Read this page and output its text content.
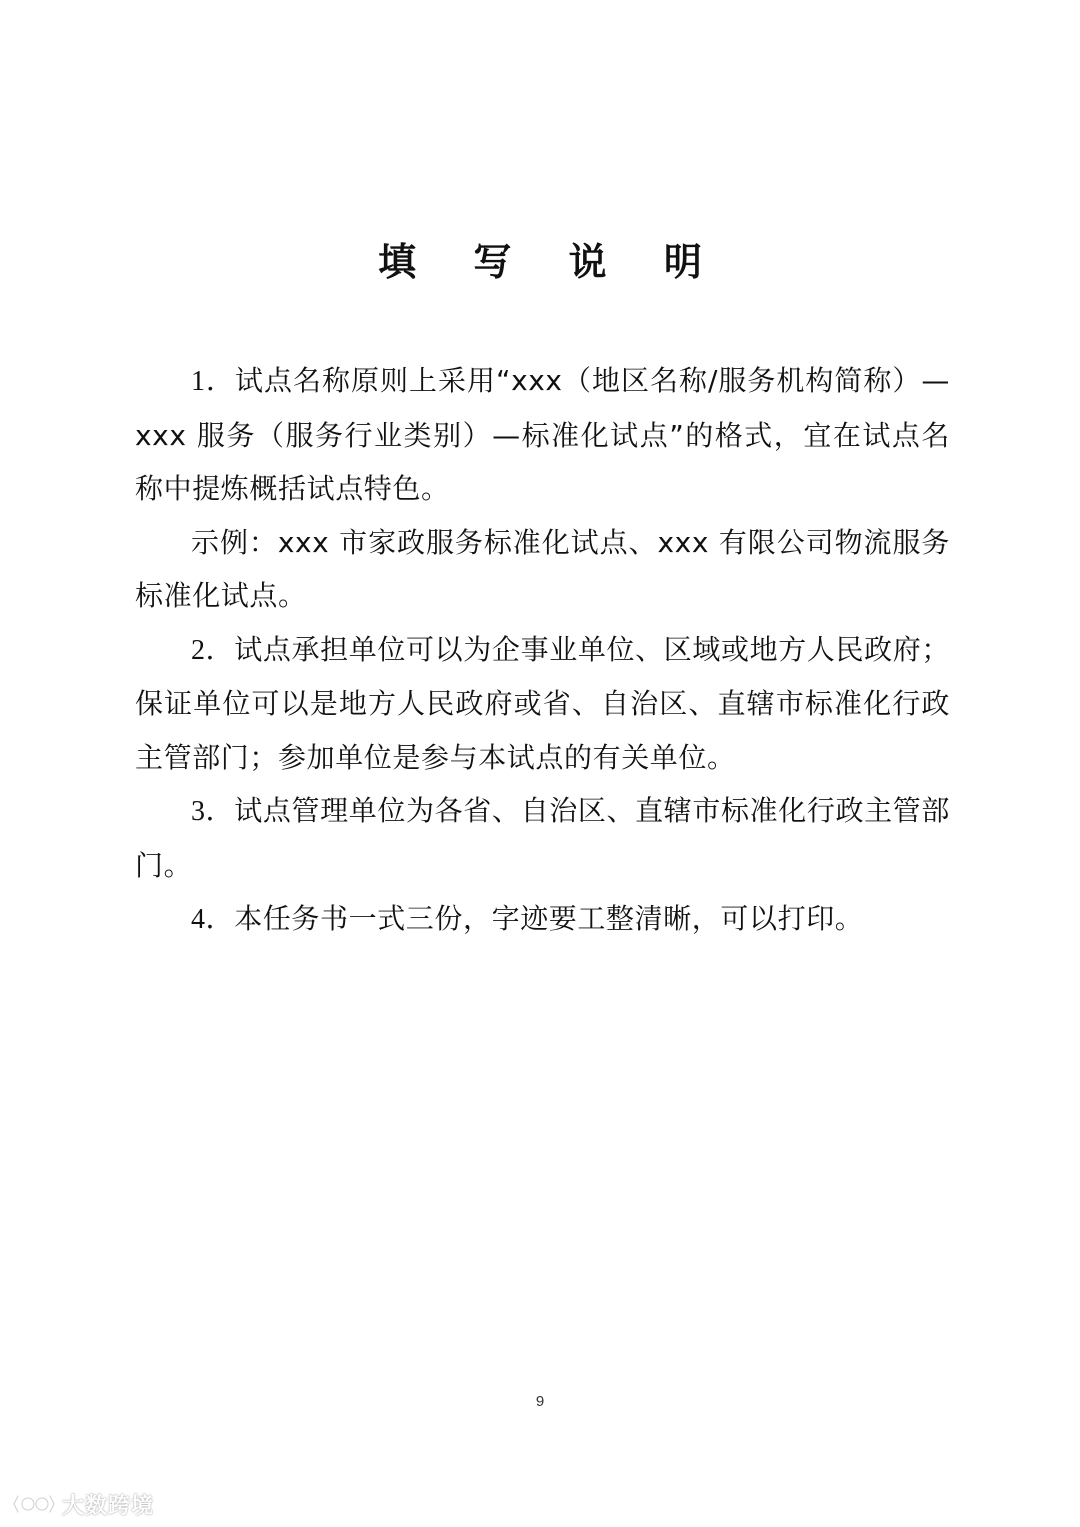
填 写 说 明

1．试点名称原则上采用“xxx（地区名称/服务机构简称）—xxx 服务（服务行业类别）—标准化试点”的格式，宜在试点名称中提炼概括试点特色。

示例：xxx 市家政服务标准化试点、xxx 有限公司物流服务标准化试点。

2．试点承担单位可以为企事业单位、区域或地方人民政府；保证单位可以是地方人民政府或省、自治区、直辖市标准化行政主管部门；参加单位是参与本试点的有关单位。

3．试点管理单位为各省、自治区、直辖市标准化行政主管部门。

4．本任务书一式三份，字迹要工整清晰，可以打印。

9
大数跨境
